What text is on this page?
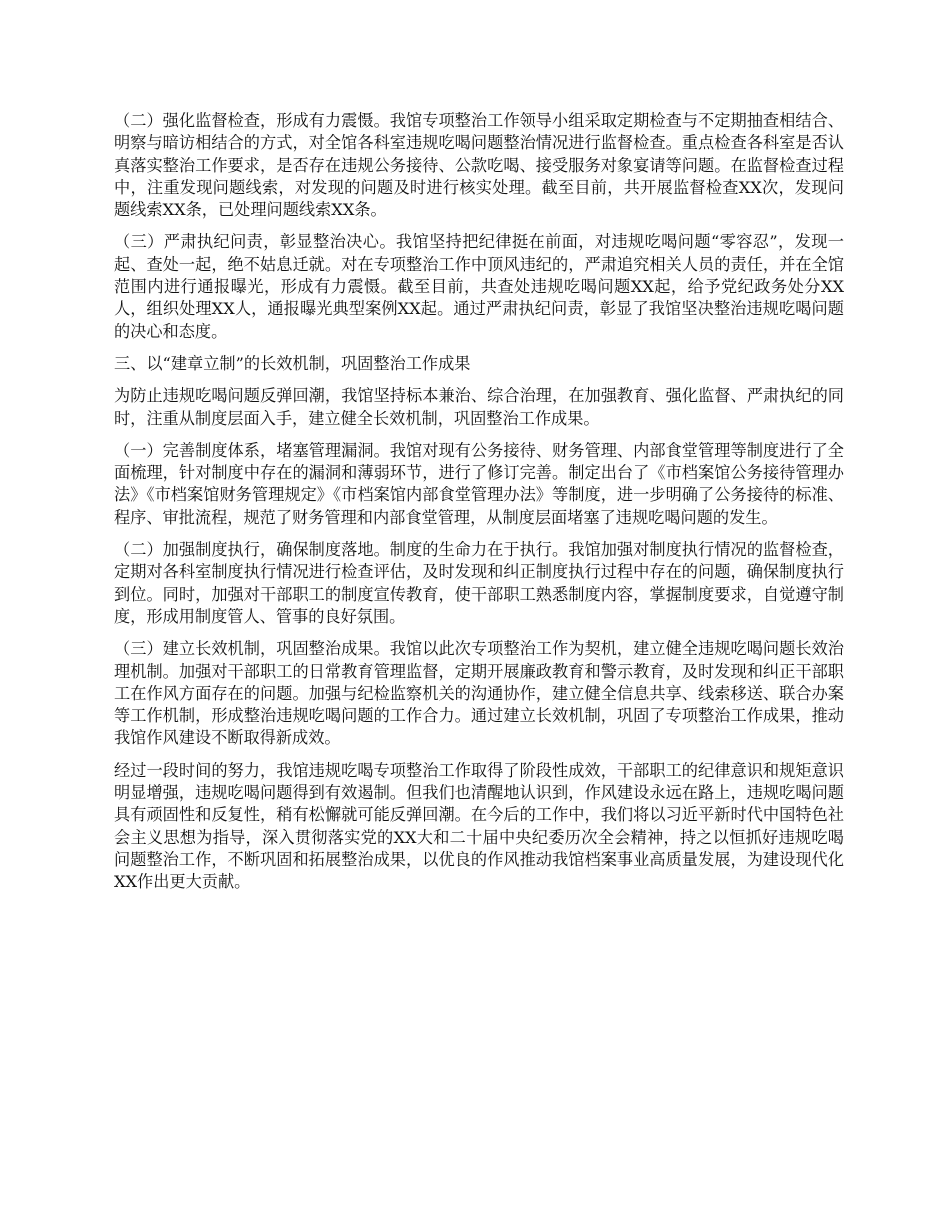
（二）强化监督检查，形成有力震慑。我馆专项整治工作领导小组采取定期检查与不定期抽查相结合、明察与暗访相结合的方式，对全馆各科室违规吃喝问题整治情况进行监督检查。重点检查各科室是否认真落实整治工作要求，是否存在违规公务接待、公款吃喝、接受服务对象宴请等问题。在监督检查过程中，注重发现问题线索，对发现的问题及时进行核实处理。截至目前，共开展监督检查XX次，发现问题线索XX条，已处理问题线索XX条。

（三）严肃执纪问责，彰显整治决心。我馆坚持把纪律挺在前面，对违规吃喝问题“零容忍”，发现一起、查处一起，绝不姑息迁就。对在专项整治工作中顶风违纪的，严肃追究相关人员的责任，并在全馆范围内进行通报曝光，形成有力震慑。截至目前，共查处违规吃喝问题XX起，给予党纪政务处分XX人，组织处理XX人，通报曝光典型案例XX起。通过严肃执纪问责，彰显了我馆坚决整治违规吃喝问题的决心和态度。

三、以“建章立制”的长效机制，巩固整治工作成果

为防止违规吃喝问题反弹回潮，我馆坚持标本兼治、综合治理，在加强教育、强化监督、严肃执纪的同时，注重从制度层面入手，建立健全长效机制，巩固整治工作成果。

（一）完善制度体系，堵塞管理漏洞。我馆对现有公务接待、财务管理、内部食堂管理等制度进行了全面梳理，针对制度中存在的漏洞和薄弱环节，进行了修订完善。制定出台了《市档案馆公务接待管理办法》《市档案馆财务管理规定》《市档案馆内部食堂管理办法》等制度，进一步明确了公务接待的标准、程序、审批流程，规范了财务管理和内部食堂管理，从制度层面堵塞了违规吃喝问题的发生。

（二）加强制度执行，确保制度落地。制度的生命力在于执行。我馆加强对制度执行情况的监督检查，定期对各科室制度执行情况进行检查评估，及时发现和纠正制度执行过程中存在的问题，确保制度执行到位。同时，加强对干部职工的制度宣传教育，使干部职工熟悉制度内容，掌握制度要求，自觉遵守制度，形成用制度管人、管事的良好氛围。

（三）建立长效机制，巩固整治成果。我馆以此次专项整治工作为契机，建立健全违规吃喝问题长效治理机制。加强对干部职工的日常教育管理监督，定期开展廉政教育和警示教育，及时发现和纠正干部职工在作风方面存在的问题。加强与纪检监察机关的沟通协作，建立健全信息共享、线索移送、联合办案等工作机制，形成整治违规吃喝问题的工作合力。通过建立长效机制，巩固了专项整治工作成果，推动我馆作风建设不断取得新成效。

经过一段时间的努力，我馆违规吃喝专项整治工作取得了阶段性成效，干部职工的纪律意识和规矩意识明显增强，违规吃喝问题得到有效遏制。但我们也清醒地认识到，作风建设永远在路上，违规吃喝问题具有顽固性和反复性，稍有松懈就可能反弹回潮。在今后的工作中，我们将以习近平新时代中国特色社会主义思想为指导，深入贯彻落实党的XX大和二十届中央纪委历次全会精神，持之以恒抓好违规吃喝问题整治工作，不断巩固和拓展整治成果，以优良的作风推动我馆档案事业高质量发展，为建设现代化XX作出更大贡献。
